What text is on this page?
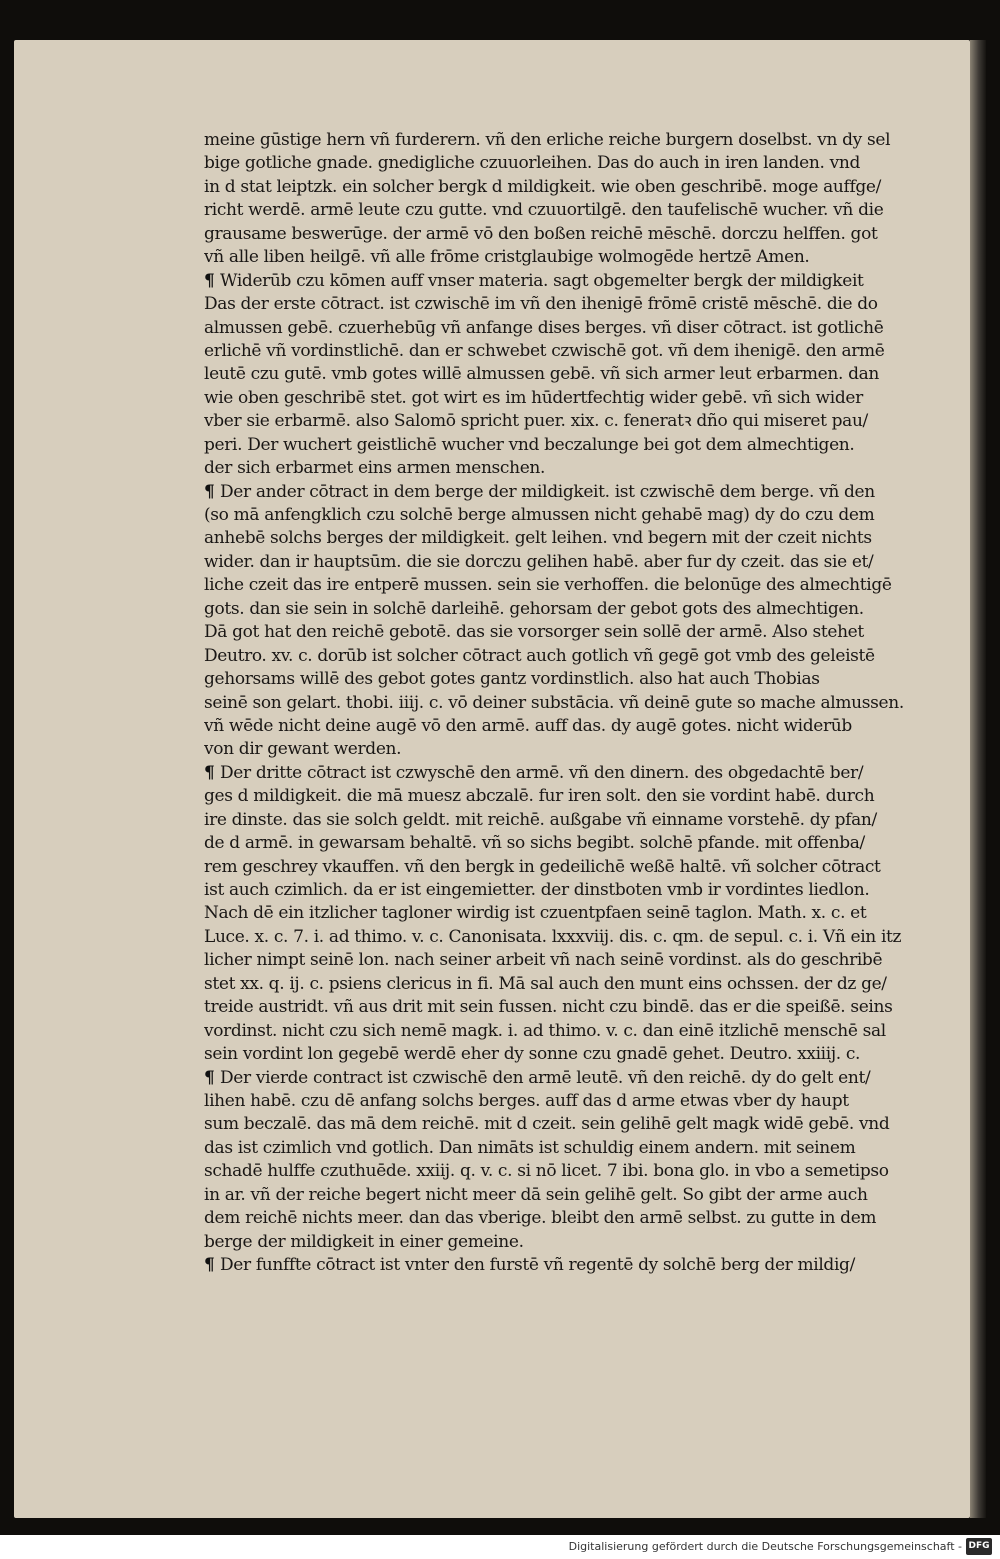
meine gūstige hern vñ furderern. vñ den erliche reiche burgern doselbst. vn dy sel
bige gotliche gnade. gnedigliche czuuorleihen. Das do auch in iren landen. vnd
in d stat leiptzk. ein solcher bergk d mildigkeit. wie oben geschribē. moge auffge/
richt werdē. armē leute czu gutte. vnd czuuortilgē. den taufelischē wucher. vñ die
grausame beswerūge. der armē vō den boßen reichē mēschē. dorczu helffen. got
vñ alle liben heilgē. vñ alle frōme cristglaubige wolmogēde hertzē Amen.
¶ Widerūb czu kōmen auff vnser materia. sagt obgemelter bergk der mildigkeit
Das der erste cōtract. ist czwischē im vñ den ihenigē frōmē cristē mēschē. die do
almussen gebē. czuerhebūg vñ anfange dises berges. vñ diser cōtract. ist gotlichē
erlichē vñ vordinstlichē. dan er schwebet czwischē got. vñ dem ihenigē. den armē
leutē czu gutē. vmb gotes willē almussen gebē. vñ sich armer leut erbarmen. dan
wie oben geschribē stet. got wirt es im hūdertfechtig wider gebē. vñ sich wider
vber sie erbarmē. also Salomō spricht puer. xix. c. feneratꝛ dño qui miseret pau/
peri. Der wuchert geistlichē wucher vnd beczalunge bei got dem almechtigen.
der sich erbarmet eins armen menschen.
¶ Der ander cōtract in dem berge der mildigkeit. ist czwischē dem berge. vñ den
(so mā anfengklich czu solchē berge almussen nicht gehabē mag) dy do czu dem
anhebē solchs berges der mildigkeit. gelt leihen. vnd begern mit der czeit nichts
wider. dan ir hauptsūm. die sie dorczu gelihen habē. aber fur dy czeit. das sie et/
liche czeit das ire entperē mussen. sein sie verhoffen. die belonūge des almechtigē
gots. dan sie sein in solchē darleihē. gehorsam der gebot gots des almechtigen.
Dā got hat den reichē gebotē. das sie vorsorger sein sollē der armē. Also stehet
Deutro. xv. c. dorūb ist solcher cōtract auch gotlich vñ gegē got vmb des geleistē
gehorsams willē des gebot gotes gantz vordinstlich. also hat auch Thobias
seinē son gelart. thobi. iiij. c. vō deiner substācia. vñ deinē gute so mache almussen.
vñ wēde nicht deine augē vō den armē. auff das. dy augē gotes. nicht widerūb
von dir gewant werden.
¶ Der dritte cōtract ist czwyschē den armē. vñ den dinern. des obgedachtē ber/
ges d mildigkeit. die mā muesz abczalē. fur iren solt. den sie vordint habē. durch
ire dinste. das sie solch geldt. mit reichē. außgabe vñ einname vorstehē. dy pfan/
de d armē. in gewarsam behaltē. vñ so sichs begibt. solchē pfande. mit offenba/
rem geschrey vkauffen. vñ den bergk in gedeilichē weßē haltē. vñ solcher cōtract
ist auch czimlich. da er ist eingemietter. der dinstboten vmb ir vordintes liedlon.
Nach dē ein itzlicher tagloner wirdig ist czuentpfaen seinē taglon. Math. x. c. et
Luce. x. c. 7. i. ad thimo. v. c. Canonisata. lxxxviij. dis. c. qm. de sepul. c. i. Vñ ein itz
licher nimpt seinē lon. nach seiner arbeit vñ nach seinē vordinst. als do geschribē
stet xx. q. ij. c. psiens clericus in fi. Mā sal auch den munt eins ochssen. der dz ge/
treide austridt. vñ aus drit mit sein fussen. nicht czu bindē. das er die speißē. seins
vordinst. nicht czu sich nemē magk. i. ad thimo. v. c. dan einē itzlichē menschē sal
sein vordint lon gegebē werdē eher dy sonne czu gnadē gehet. Deutro. xxiiij. c.
¶ Der vierde contract ist czwischē den armē leutē. vñ den reichē. dy do gelt ent/
lihen habē. czu dē anfang solchs berges. auff das d arme etwas vber dy haupt
sum beczalē. das mā dem reichē. mit d czeit. sein gelihē gelt magk widē gebē. vnd
das ist czimlich vnd gotlich. Dan nimāts ist schuldig einem andern. mit seinem
schadē hulffe czuthuēde. xxiij. q. v. c. si nō licet. 7 ibi. bona glo. in vbo a semetipso
in ar. vñ der reiche begert nicht meer dā sein gelihē gelt. So gibt der arme auch
dem reichē nichts meer. dan das vberige. bleibt den armē selbst. zu gutte in dem
berge der mildigkeit in einer gemeine.
¶ Der funffte cōtract ist vnter den furstē vñ regentē dy solchē berg der mildig/
Digitalisierung gefördert durch die Deutsche Forschungsgemeinschaft - DFG
